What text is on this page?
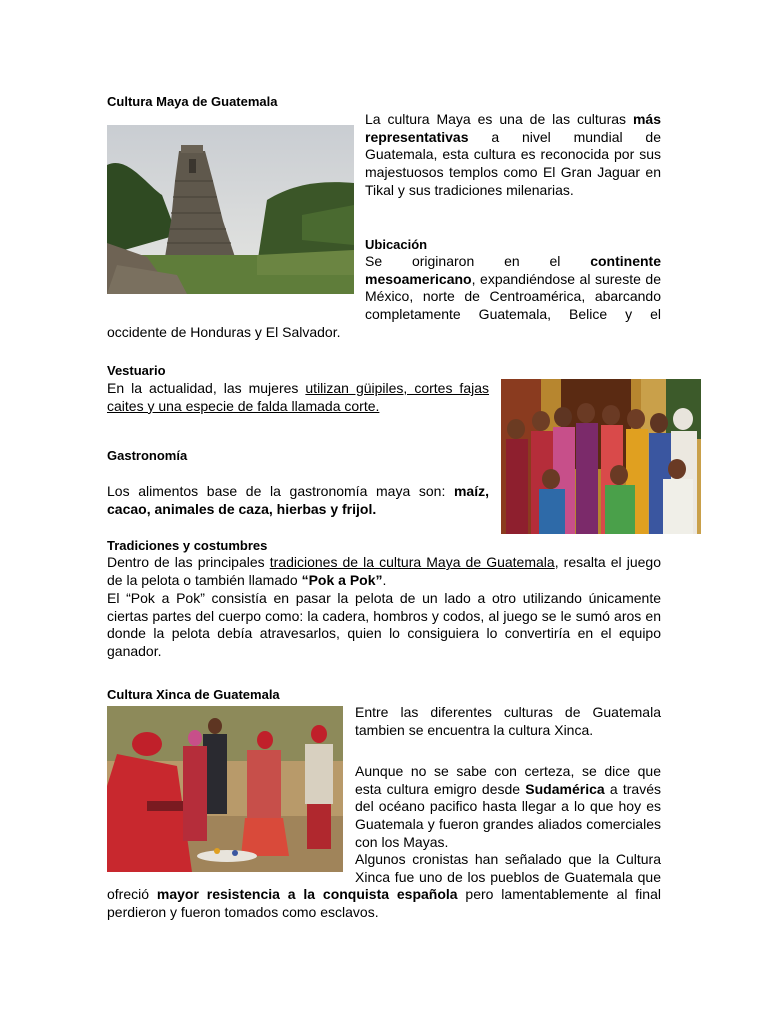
Cultura Maya de Guatemala

La cultura Maya es una de las culturas más representativas a nivel mundial de Guatemala, esta cultura es reconocida por sus majestuosos templos como El Gran Jaguar en Tikal y sus tradiciones milenarias.

Ubicación

Se originaron en el continente mesoamericano, expandiéndose al sureste de México, norte de Centroamérica, abarcando completamente Guatemala, Belice y el occidente de Honduras y El Salvador.

Vestuario

En la actualidad, las mujeres utilizan güipiles, cortes fajas caites y una especie de falda llamada corte.

Gastronomía

Los alimentos base de la gastronomía maya son: maíz, cacao, animales de caza, hierbas y frijol.

Tradiciones y costumbres

Dentro de las principales tradiciones de la cultura Maya de Guatemala, resalta el juego de la pelota o también llamado “Pok a Pok”.

El “Pok a Pok” consistía en pasar la pelota de un lado a otro utilizando únicamente ciertas partes del cuerpo como: la cadera, hombros y codos, al juego se le sumó aros en donde la pelota debía atravesarlos, quien lo consiguiera lo convertiría en el equipo ganador.

Cultura Xinca de Guatemala

Entre las diferentes culturas de Guatemala tambien se encuentra la cultura Xinca.

Aunque no se sabe con certeza, se dice que esta cultura emigro desde Sudamérica a través del océano pacifico hasta llegar a lo que hoy es Guatemala y fueron grandes aliados comerciales con los Mayas.

Algunos cronistas han señalado que la Cultura Xinca fue uno de los pueblos de Guatemala que ofreció mayor resistencia a la conquista española pero lamentablemente al final perdieron y fueron tomados como esclavos.
